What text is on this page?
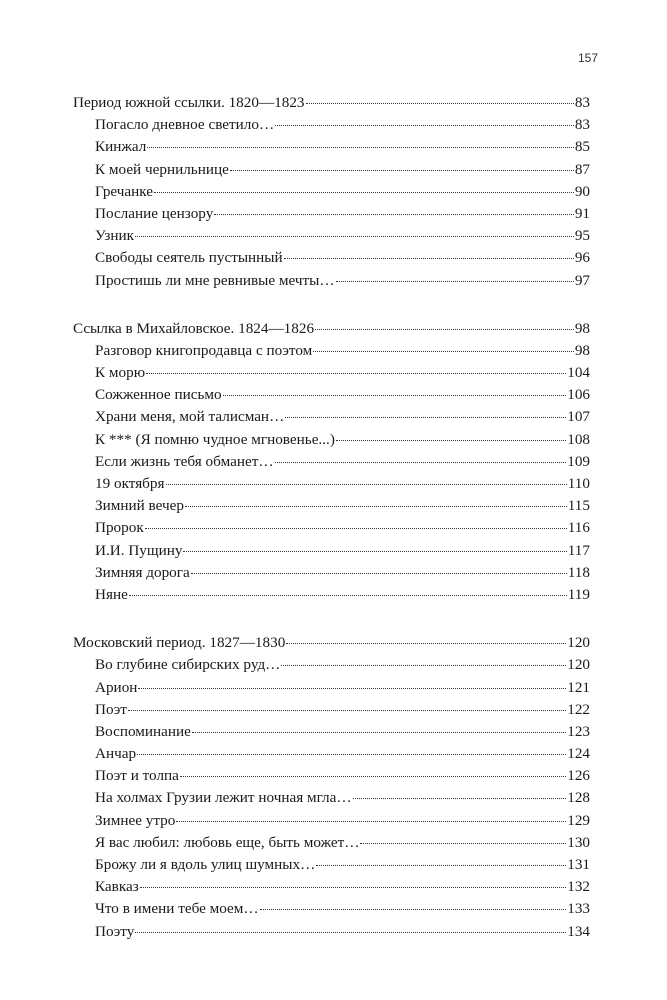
157
Период южной ссылки. 1820—1823	83
Погасло дневное светило…	83
Кинжал	85
К моей чернильнице	87
Гречанке	90
Послание цензору	91
Узник	95
Свободы сеятель пустынный	96
Простишь ли мне ревнивые мечты…	97
Ссылка в Михайловское. 1824—1826	98
Разговор книгопродавца с поэтом	98
К морю	104
Сожженное письмо	106
Храни меня, мой талисман…	107
К *** (Я помню чудное мгновенье...)	108
Если жизнь тебя обманет…	109
19 октября	110
Зимний вечер	115
Пророк	116
И.И. Пущину	117
Зимняя дорога	118
Няне	119
Московский период. 1827—1830	120
Во глубине сибирских руд…	120
Арион	121
Поэт	122
Воспоминание	123
Анчар	124
Поэт и толпа	126
На холмах Грузии лежит ночная мгла…	128
Зимнее утро	129
Я вас любил: любовь еще, быть может…	130
Брожу ли я вдоль улиц шумных…	131
Кавказ	132
Что в имени тебе моем…	133
Поэту	134
